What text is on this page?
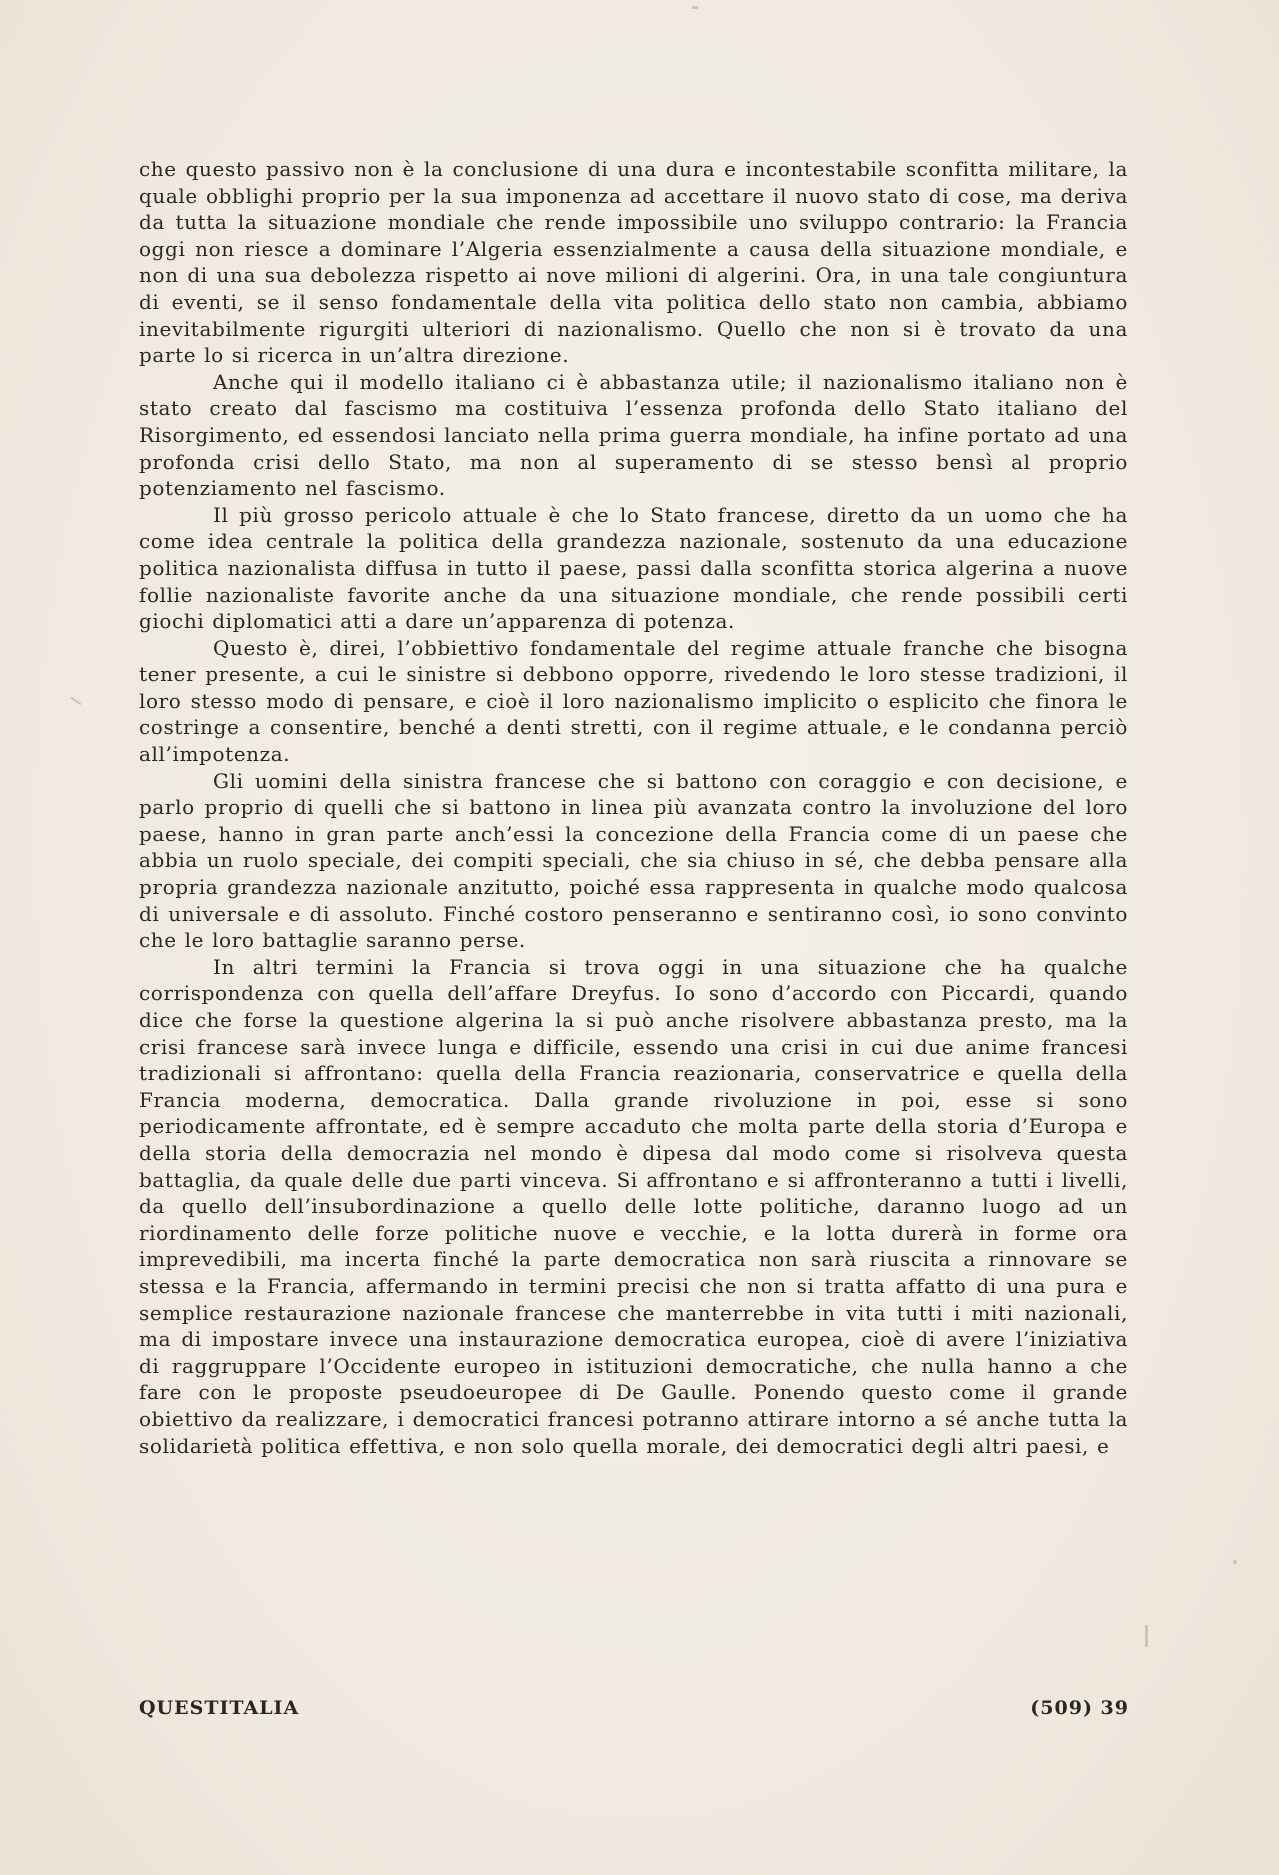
che questo passivo non è la conclusione di una dura e incontestabile sconfitta militare, la quale obblighi proprio per la sua imponenza ad accettare il nuovo stato di cose, ma deriva da tutta la situazione mondiale che rende impossibile uno sviluppo contrario: la Francia oggi non riesce a dominare l’Algeria essenzialmente a causa della situazione mondiale, e non di una sua debolezza rispetto ai nove milioni di algerini. Ora, in una tale congiuntura di eventi, se il senso fondamentale della vita politica dello stato non cambia, abbiamo inevitabilmente rigurgiti ulteriori di nazionalismo. Quello che non si è trovato da una parte lo si ricerca in un’altra direzione.

Anche qui il modello italiano ci è abbastanza utile; il nazionalismo italiano non è stato creato dal fascismo ma costituiva l’essenza profonda dello Stato italiano del Risorgimento, ed essendosi lanciato nella prima guerra mondiale, ha infine portato ad una profonda crisi dello Stato, ma non al superamento di se stesso bensì al proprio potenziamento nel fascismo.

Il più grosso pericolo attuale è che lo Stato francese, diretto da un uomo che ha come idea centrale la politica della grandezza nazionale, sostenuto da una educazione politica nazionalista diffusa in tutto il paese, passi dalla sconfitta storica algerina a nuove follie nazionaliste favorite anche da una situazione mondiale, che rende possibili certi giochi diplomatici atti a dare un’apparenza di potenza.

Questo è, direi, l’obbiettivo fondamentale del regime attuale franche che bisogna tener presente, a cui le sinistre si debbono opporre, rivedendo le loro stesse tradizioni, il loro stesso modo di pensare, e cioè il loro nazionalismo implicito o esplicito che finora le costringe a consentire, benché a denti stretti, con il regime attuale, e le condanna perciò all’impotenza.

Gli uomini della sinistra francese che si battono con coraggio e con decisione, e parlo proprio di quelli che si battono in linea più avanzata contro la involuzione del loro paese, hanno in gran parte anch’essi la concezione della Francia come di un paese che abbia un ruolo speciale, dei compiti speciali, che sia chiuso in sé, che debba pensare alla propria grandezza nazionale anzitutto, poiché essa rappresenta in qualche modo qualcosa di universale e di assoluto. Finché costoro penseranno e sentiranno così, io sono convinto che le loro battaglie saranno perse.

In altri termini la Francia si trova oggi in una situazione che ha qualche corrispondenza con quella dell’affare Dreyfus. Io sono d’accordo con Piccardi, quando dice che forse la questione algerina la si può anche risolvere abbastanza presto, ma la crisi francese sarà invece lunga e difficile, essendo una crisi in cui due anime francesi tradizionali si affrontano: quella della Francia reazionaria, conservatrice e quella della Francia moderna, democratica. Dalla grande rivoluzione in poi, esse si sono periodicamente affrontate, ed è sempre accaduto che molta parte della storia d’Europa e della storia della democrazia nel mondo è dipesa dal modo come si risolveva questa battaglia, da quale delle due parti vinceva. Si affrontano e si affronteranno a tutti i livelli, da quello dell’insubordinazione a quello delle lotte politiche, daranno luogo ad un riordinamento delle forze politiche nuove e vecchie, e la lotta durerà in forme ora imprevedibili, ma incerta finché la parte democratica non sarà riuscita a rinnovare se stessa e la Francia, affermando in termini precisi che non si tratta affatto di una pura e semplice restaurazione nazionale francese che manterrebbe in vita tutti i miti nazionali, ma di impostare invece una instaurazione democratica europea, cioè di avere l’iniziativa di raggruppare l’Occidente europeo in istituzioni democratiche, che nulla hanno a che fare con le proposte pseudoeuropee di De Gaulle. Ponendo questo come il grande obiettivo da realizzare, i democratici francesi potranno attirare intorno a sé anche tutta la solidarietà politica effettiva, e non solo quella morale, dei democratici degli altri paesi, e

QUESTITALIA	(509) 39
